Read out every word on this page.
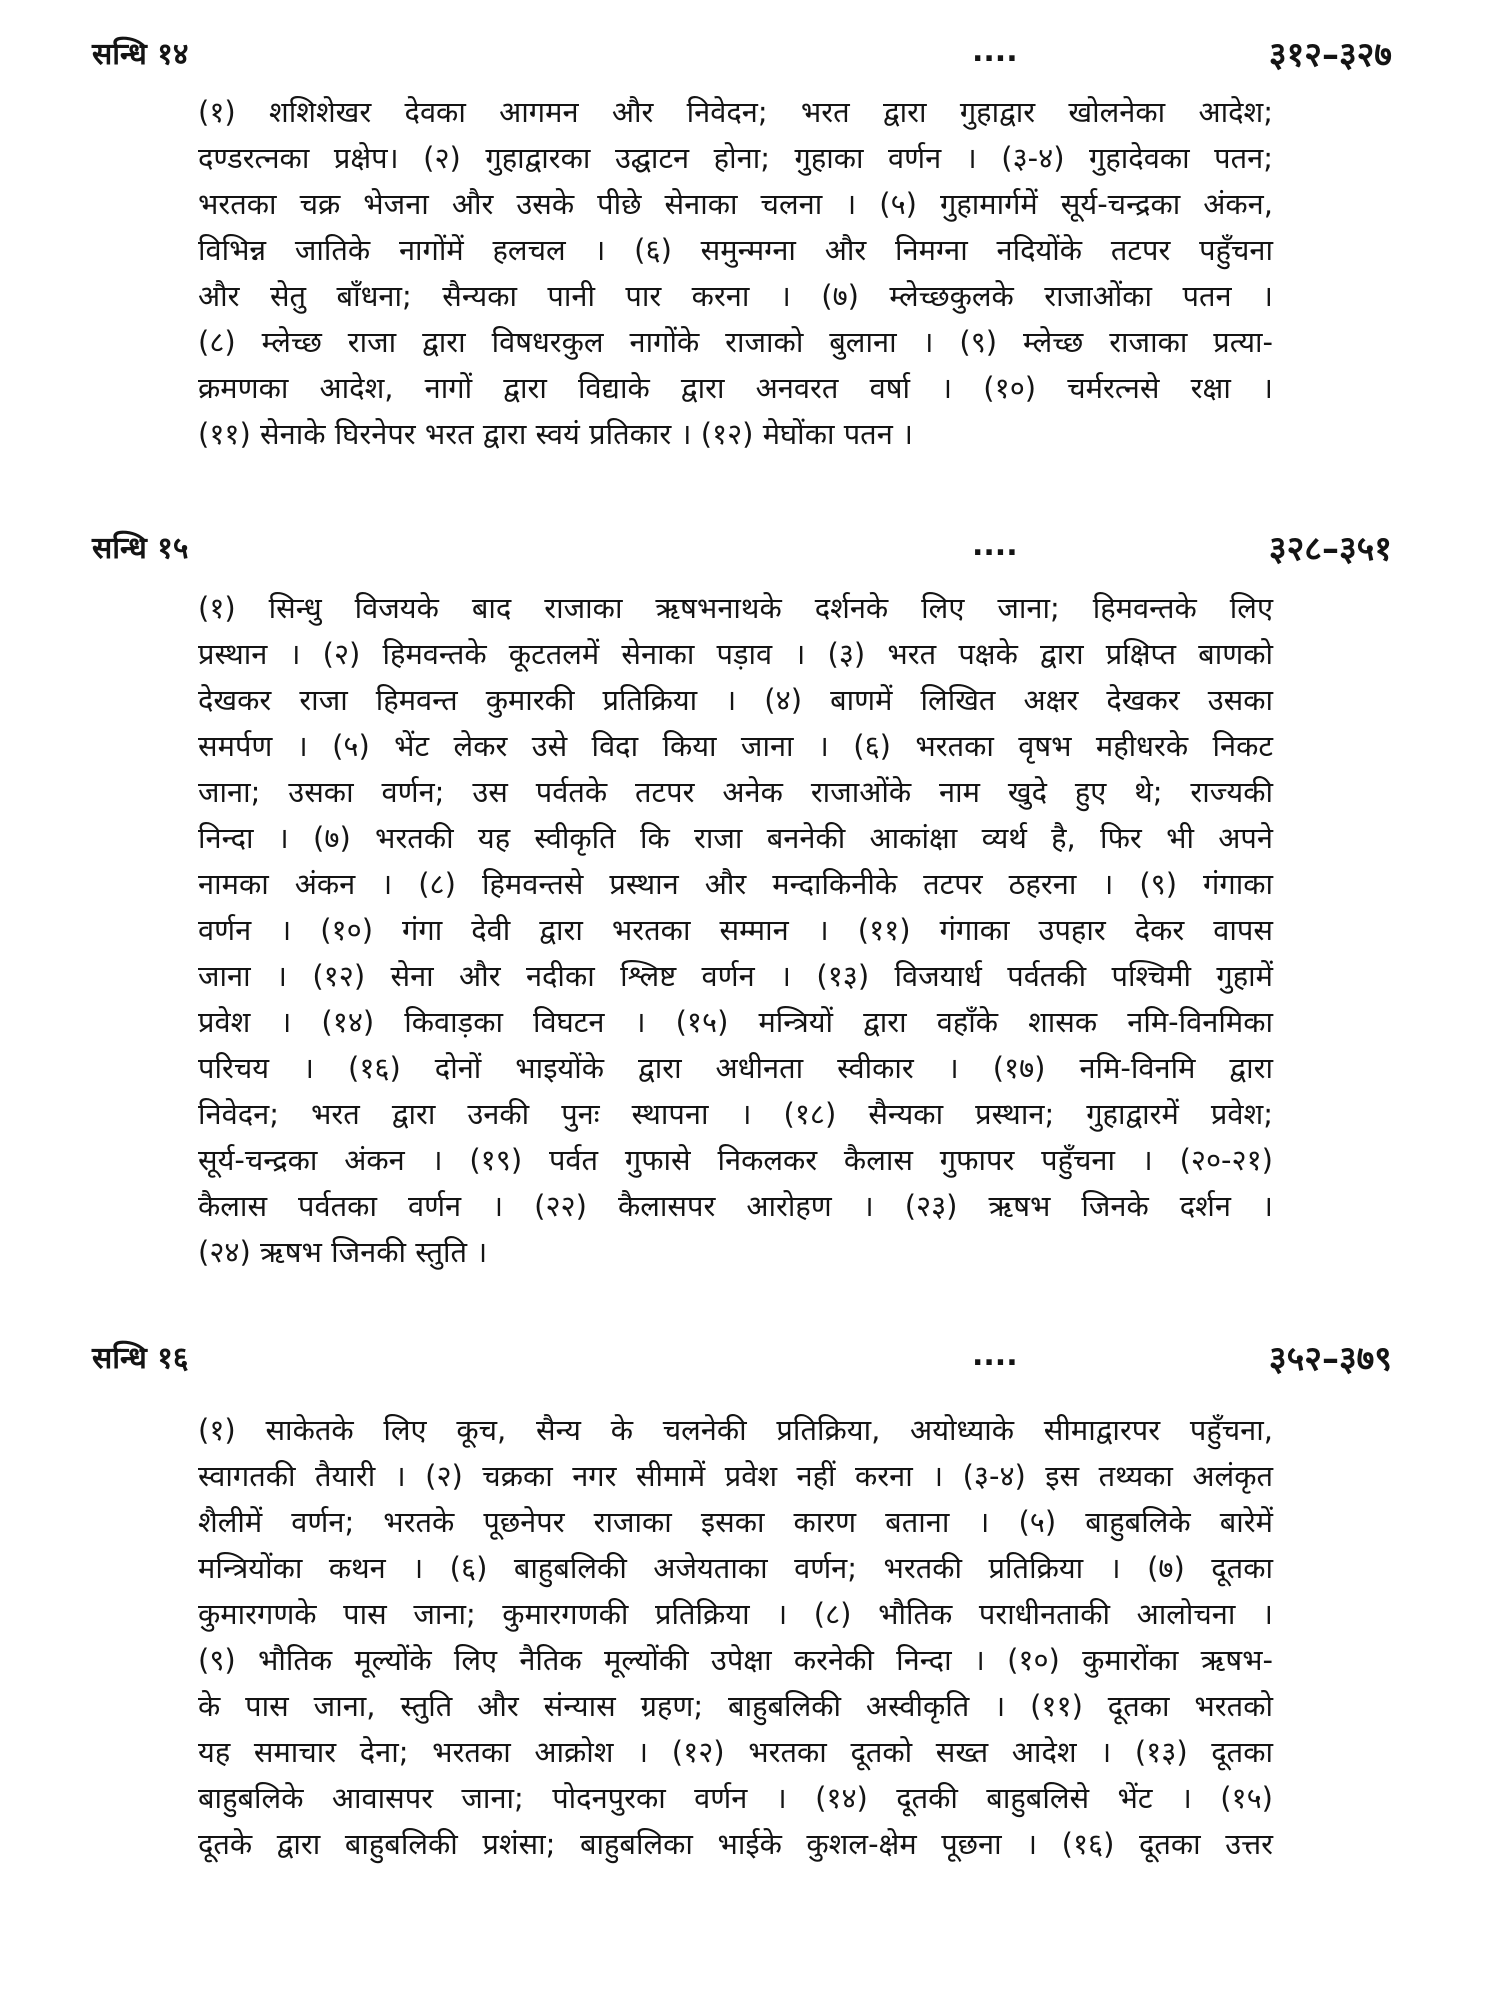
सन्धि १४	....	३१२–३२७
(१) शशिशेखर देवका आगमन और निवेदन; भरत द्वारा गुहाद्वार खोलनेका आदेश;
दण्डरत्नका प्रक्षेप। (२) गुहाद्वारका उद्घाटन होना; गुहाका वर्णन । (३-४) गुहादेवका पतन;
भरतका चक्र भेजना और उसके पीछे सेनाका चलना । (५) गुहामार्गमें सूर्य-चन्द्रका अंकन,
विभिन्न जातिके नागोंमें हलचल । (६) समुन्मग्ना और निमग्ना नदियोंके तटपर पहुँचना
और सेतु बाँधना; सैन्यका पानी पार करना । (७) म्लेच्छकुलके राजाओंका पतन ।
(८) म्लेच्छ राजा द्वारा विषधरकुल नागोंके राजाको बुलाना । (९) म्लेच्छ राजाका प्रत्या-
क्रमणका आदेश, नागों द्वारा विद्याके द्वारा अनवरत वर्षा । (१०) चर्मरत्नसे रक्षा ।
(११) सेनाके घिरनेपर भरत द्वारा स्वयं प्रतिकार । (१२) मेघोंका पतन ।
सन्धि १५	....	३२८–३५१
(१) सिन्धु विजयके बाद राजाका ऋषभनाथके दर्शनके लिए जाना; हिमवन्तके लिए
प्रस्थान । (२) हिमवन्तके कूटतलमें सेनाका पड़ाव । (३) भरत पक्षके द्वारा प्रक्षिप्त बाणको
देखकर राजा हिमवन्त कुमारकी प्रतिक्रिया । (४) बाणमें लिखित अक्षर देखकर उसका
समर्पण । (५) भेंट लेकर उसे विदा किया जाना । (६) भरतका वृषभ महीधरके निकट
जाना; उसका वर्णन; उस पर्वतके तटपर अनेक राजाओंके नाम खुदे हुए थे; राज्यकी
निन्दा । (७) भरतकी यह स्वीकृति कि राजा बननेकी आकांक्षा व्यर्थ है, फिर भी अपने
नामका अंकन । (८) हिमवन्तसे प्रस्थान और मन्दाकिनीके तटपर ठहरना । (९) गंगाका
वर्णन । (१०) गंगा देवी द्वारा भरतका सम्मान । (११) गंगाका उपहार देकर वापस
जाना । (१२) सेना और नदीका श्लिष्ट वर्णन । (१३) विजयार्ध पर्वतकी पश्चिमी गुहामें
प्रवेश । (१४) किवाड़का विघटन । (१५) मन्त्रियों द्वारा वहाँके शासक नमि-विनमिका
परिचय । (१६) दोनों भाइयोंके द्वारा अधीनता स्वीकार । (१७) नमि-विनमि द्वारा
निवेदन; भरत द्वारा उनकी पुनः स्थापना । (१८) सैन्यका प्रस्थान; गुहाद्वारमें प्रवेश;
सूर्य-चन्द्रका अंकन । (१९) पर्वत गुफासे निकलकर कैलास गुफापर पहुँचना । (२०-२१)
कैलास पर्वतका वर्णन । (२२) कैलासपर आरोहण । (२३) ऋषभ जिनके दर्शन ।
(२४) ऋषभ जिनकी स्तुति ।
सन्धि १६	....	३५२–३७९
(१) साकेतके लिए कूच, सैन्य के चलनेकी प्रतिक्रिया, अयोध्याके सीमाद्वारपर पहुँचना,
स्वागतकी तैयारी । (२) चक्रका नगर सीमामें प्रवेश नहीं करना । (३-४) इस तथ्यका अलंकृत
शैलीमें वर्णन; भरतके पूछनेपर राजाका इसका कारण बताना । (५) बाहुबलिके बारेमें
मन्त्रियोंका कथन । (६) बाहुबलिकी अजेयताका वर्णन; भरतकी प्रतिक्रिया । (७) दूतका
कुमारगणके पास जाना; कुमारगणकी प्रतिक्रिया । (८) भौतिक पराधीनताकी आलोचना ।
(९) भौतिक मूल्योंके लिए नैतिक मूल्योंकी उपेक्षा करनेकी निन्दा । (१०) कुमारोंका ऋषभ-
के पास जाना, स्तुति और संन्यास ग्रहण; बाहुबलिकी अस्वीकृति । (११) दूतका भरतको
यह समाचार देना; भरतका आक्रोश । (१२) भरतका दूतको सख्त आदेश । (१३) दूतका
बाहुबलिके आवासपर जाना; पोदनपुरका वर्णन । (१४) दूतकी बाहुबलिसे भेंट । (१५)
दूतके द्वारा बाहुबलिकी प्रशंसा; बाहुबलिका भाईके कुशल-क्षेम पूछना । (१६) दूतका उत्तर
